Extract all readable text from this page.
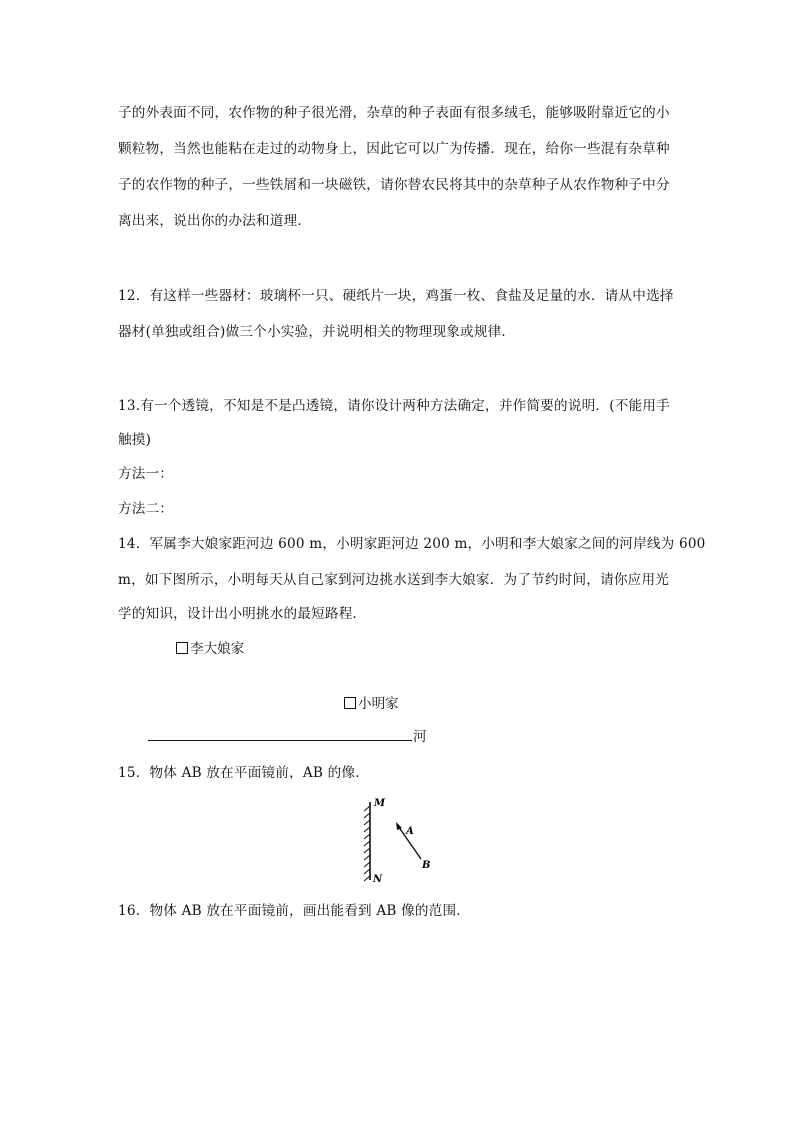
子的外表面不同，农作物的种子很光滑，杂草的种子表面有很多绒毛，能够吸附靠近它的小
颗粒物，当然也能粘在走过的动物身上，因此它可以广为传播．现在，给你一些混有杂草种
子的农作物的种子，一些铁屑和一块磁铁，请你替农民将其中的杂草种子从农作物种子中分
离出来，说出你的办法和道理．
12．有这样一些器材：玻璃杯一只、硬纸片一块，鸡蛋一枚、食盐及足量的水．请从中选择
器材(单独或组合)做三个小实验，并说明相关的物理现象或规律．
13.有一个透镜，不知是不是凸透镜，请你设计两种方法确定，并作简要的说明．(不能用手
触摸)
方法一：
方法二：
14．军属李大娘家距河边 600 m，小明家距河边 200 m，小明和李大娘家之间的河岸线为 600
m，如下图所示，小明每天从自己家到河边挑水送到李大娘家．为了节约时间，请你应用光
学的知识，设计出小明挑水的最短路程．
李大娘家
小明家
河
15．物体 AB 放在平面镜前，AB 的像．
M
N
A
B
16．物体 AB 放在平面镜前，画出能看到 AB 像的范围．
